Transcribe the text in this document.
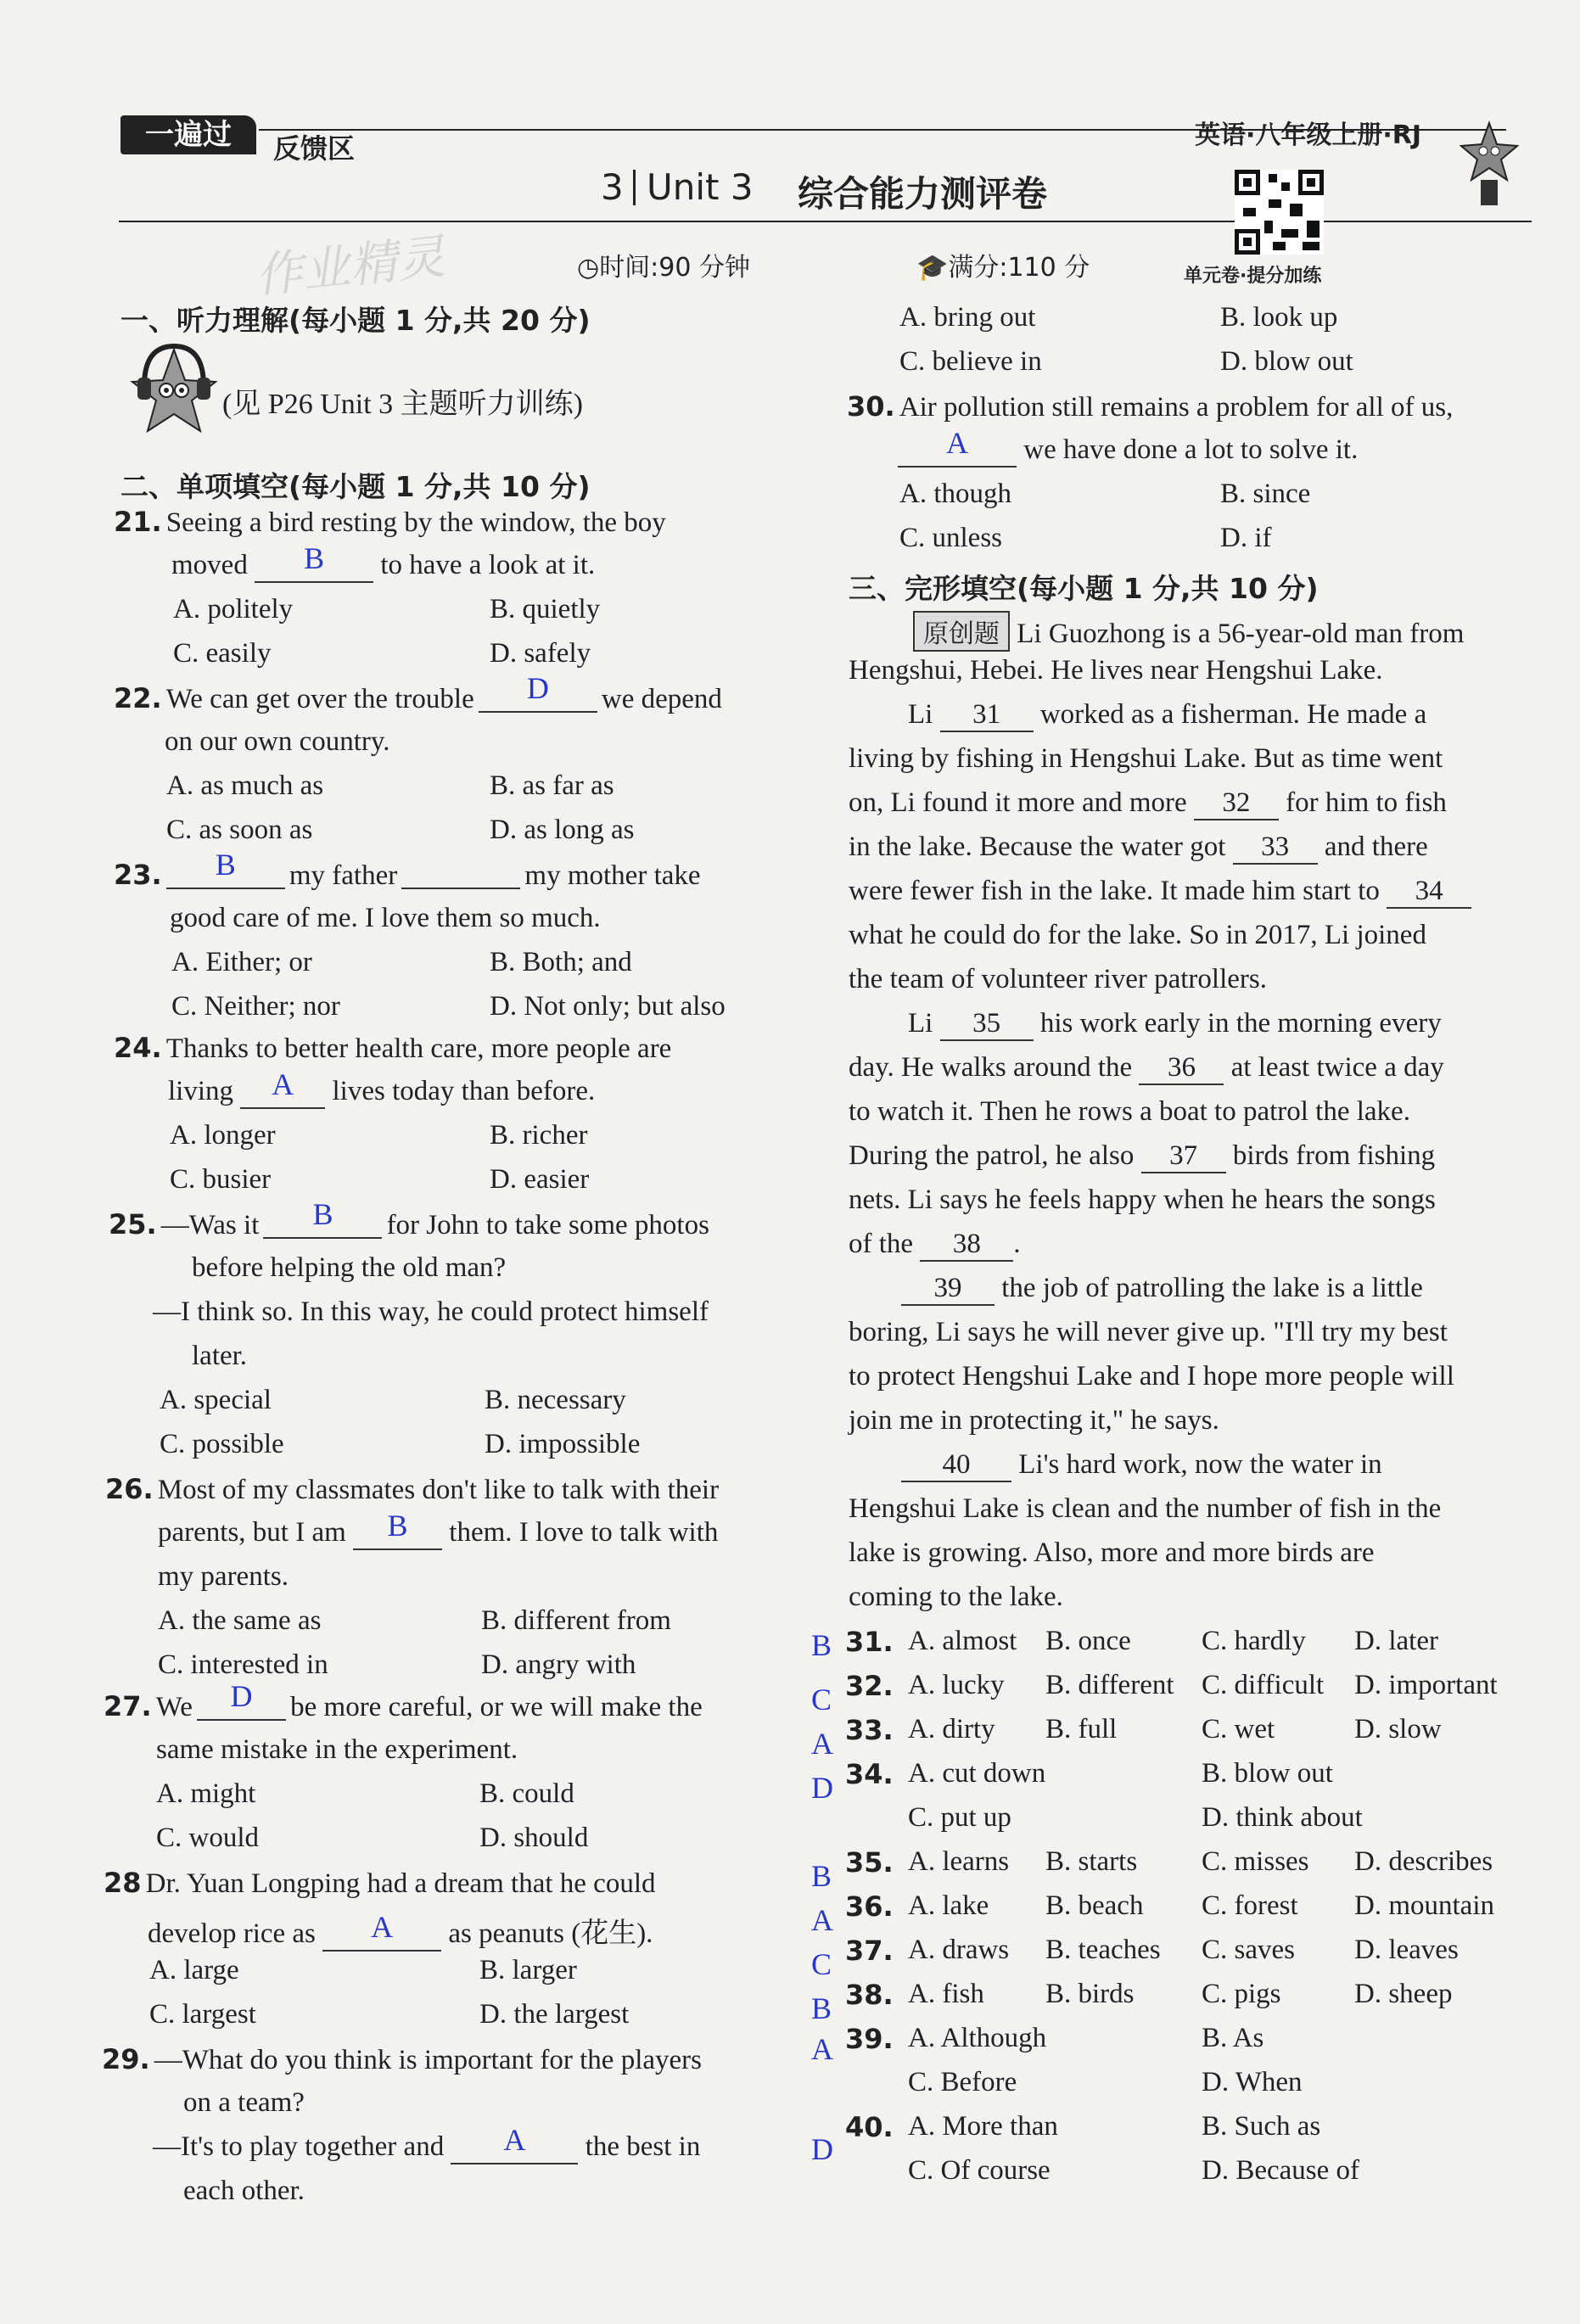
一遍过	反馈区	英语·八年级上册·RJ
3 Unit 3 综合能力测评卷
作业精灵	◷时间:90 分钟	🎓满分:110 分	单元卷·提分加练
一、听力理解(每小题 1 分,共 20 分)
(见 P26 Unit 3 主题听力训练)
二、单项填空(每小题 1 分,共 10 分)
21. Seeing a bird resting by the window, the boy
moved	B	to have a look at it.
A. politely	B. quietly
C. easily	D. safely
22. We can get over the trouble	D	we depend
on our own country.
A. as much as	B. as far as
C. as soon as	D. as long as
23.	B	my father	my mother take
good care of me. I love them so much.
A. Either; or	B. Both; and
C. Neither; nor	D. Not only; but also
24. Thanks to better health care, more people are
living	A	lives today than before.
A. longer	B. richer
C. busier	D. easier
25. —Was it	B	for John to take some photos
before helping the old man?
—I think so. In this way, he could protect himself
later.
A. special	B. necessary
C. possible	D. impossible
26. Most of my classmates don't like to talk with their
parents, but I am	B	them. I love to talk with
my parents.
A. the same as	B. different from
C. interested in	D. angry with
27. We	D	be more careful, or we will make the
same mistake in the experiment.
A. might	B. could
C. would	D. should
28 Dr. Yuan Longping had a dream that he could
develop rice as	A	as peanuts (花生).
A. large	B. larger
C. largest	D. the largest
29. —What do you think is important for the players
on a team?
—It's to play together and	A	the best in
each other.
A. bring out	B. look up
C. believe in	D. blow out
30. Air pollution still remains a problem for all of us,
A	we have done a lot to solve it.
A. though	B. since
C. unless	D. if
三、完形填空(每小题 1 分,共 10 分)
原创题 Li Guozhong is a 56-year-old man from
Hengshui, Hebei. He lives near Hengshui Lake.
Li 31 worked as a fisherman. He made a
living by fishing in Hengshui Lake. But as time went
on, Li found it more and more 32 for him to fish
in the lake. Because the water got 33 and there
were fewer fish in the lake. It made him start to 34
what he could do for the lake. So in 2017, Li joined
the team of volunteer river patrollers.
Li 35 his work early in the morning every
day. He walks around the 36 at least twice a day
to watch it. Then he rows a boat to patrol the lake.
During the patrol, he also 37 birds from fishing
nets. Li says he feels happy when he hears the songs
of the 38 .
39 the job of patrolling the lake is a little
boring, Li says he will never give up. "I'll try my best
to protect Hengshui Lake and I hope more people will
join me in protecting it," he says.
40 Li's hard work, now the water in
Hengshui Lake is clean and the number of fish in the
lake is growing. Also, more and more birds are
coming to the lake.
B 31. A. almost B. once	C. hardly D. later
C 32. A. lucky B. different C. difficult D. important
A 33. A. dirty B. full	C. wet	D. slow
D 34. A. cut down	B. blow out
C. put up	D. think about
B 35. A. learns B. starts C. misses D. describes
A 36. A. lake B. beach C. forest D. mountain
C 37. A. draws B. teaches C. saves D. leaves
B 38. A. fish B. birds C. pigs	D. sheep
A 39. A. Although	B. As
C. Before	D. When
D
40. A. More than	B. Such as
C. Of course	D. Because of
